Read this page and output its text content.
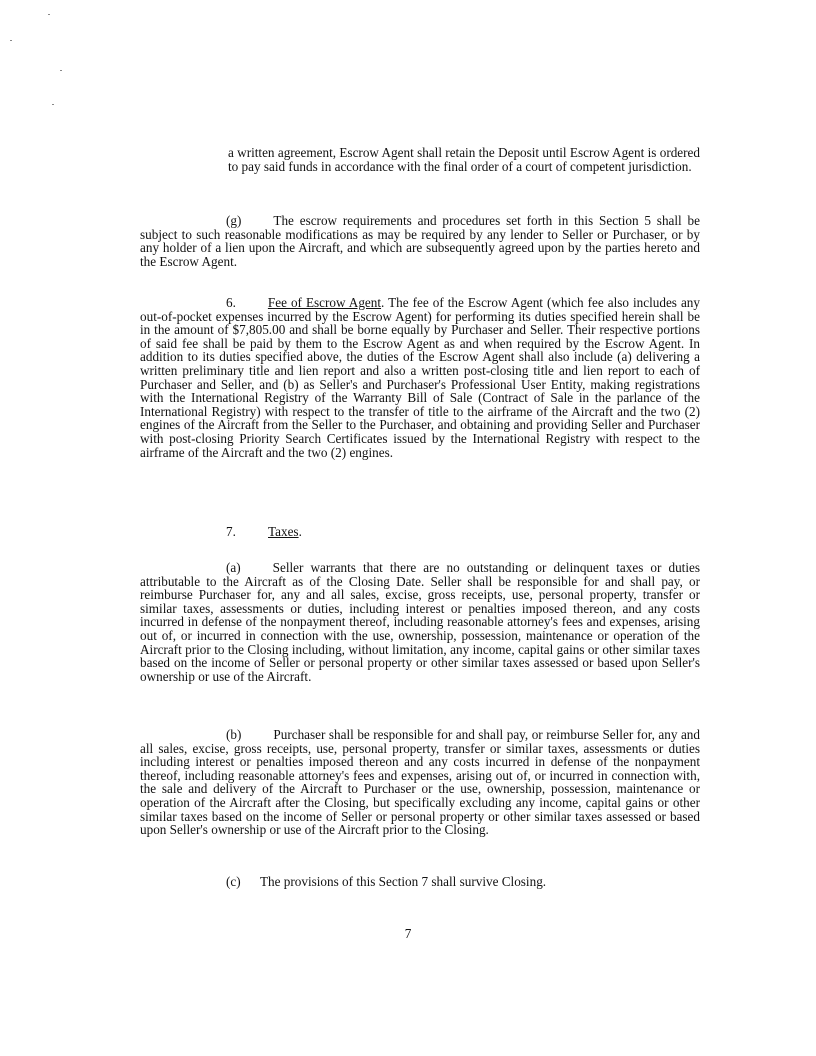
a written agreement, Escrow Agent shall retain the Deposit until Escrow Agent is ordered to pay said funds in accordance with the final order of a court of competent jurisdiction.

(g) The escrow requirements and procedures set forth in this Section 5 shall be subject to such reasonable modifications as may be required by any lender to Seller or Purchaser, or by any holder of a lien upon the Aircraft, and which are subsequently agreed upon by the parties hereto and the Escrow Agent.

6. Fee of Escrow Agent. The fee of the Escrow Agent (which fee also includes any out-of-pocket expenses incurred by the Escrow Agent) for performing its duties specified herein shall be in the amount of $7,805.00 and shall be borne equally by Purchaser and Seller. Their respective portions of said fee shall be paid by them to the Escrow Agent as and when required by the Escrow Agent. In addition to its duties specified above, the duties of the Escrow Agent shall also include (a) delivering a written preliminary title and lien report and also a written post-closing title and lien report to each of Purchaser and Seller, and (b) as Seller's and Purchaser's Professional User Entity, making registrations with the International Registry of the Warranty Bill of Sale (Contract of Sale in the parlance of the International Registry) with respect to the transfer of title to the airframe of the Aircraft and the two (2) engines of the Aircraft from the Seller to the Purchaser, and obtaining and providing Seller and Purchaser with post-closing Priority Search Certificates issued by the International Registry with respect to the airframe of the Aircraft and the two (2) engines.

7. Taxes.

(a) Seller warrants that there are no outstanding or delinquent taxes or duties attributable to the Aircraft as of the Closing Date. Seller shall be responsible for and shall pay, or reimburse Purchaser for, any and all sales, excise, gross receipts, use, personal property, transfer or similar taxes, assessments or duties, including interest or penalties imposed thereon, and any costs incurred in defense of the nonpayment thereof, including reasonable attorney's fees and expenses, arising out of, or incurred in connection with the use, ownership, possession, maintenance or operation of the Aircraft prior to the Closing including, without limitation, any income, capital gains or other similar taxes based on the income of Seller or personal property or other similar taxes assessed or based upon Seller's ownership or use of the Aircraft.

(b) Purchaser shall be responsible for and shall pay, or reimburse Seller for, any and all sales, excise, gross receipts, use, personal property, transfer or similar taxes, assessments or duties including interest or penalties imposed thereon and any costs incurred in defense of the nonpayment thereof, including reasonable attorney's fees and expenses, arising out of, or incurred in connection with, the sale and delivery of the Aircraft to Purchaser or the use, ownership, possession, maintenance or operation of the Aircraft after the Closing, but specifically excluding any income, capital gains or other similar taxes based on the income of Seller or personal property or other similar taxes assessed or based upon Seller's ownership or use of the Aircraft prior to the Closing.

(c) The provisions of this Section 7 shall survive Closing.

7
